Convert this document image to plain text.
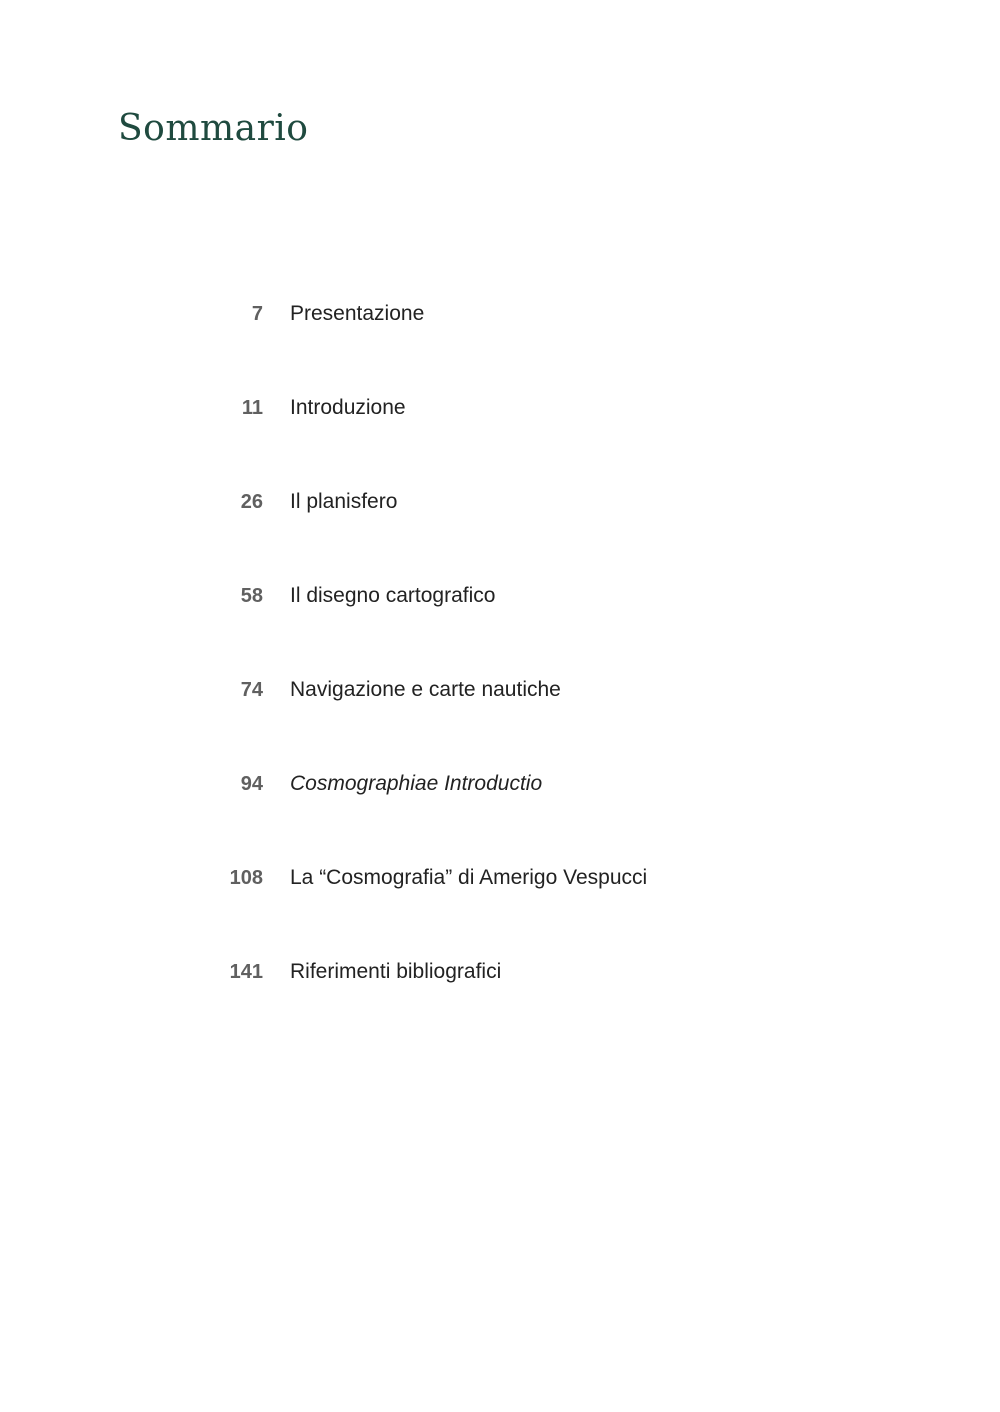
Sommario
7 Presentazione
11 Introduzione
26 Il planisfero
58 Il disegno cartografico
74 Navigazione e carte nautiche
94 Cosmographiae Introductio
108 La “Cosmografia” di Amerigo Vespucci
141 Riferimenti bibliografici
